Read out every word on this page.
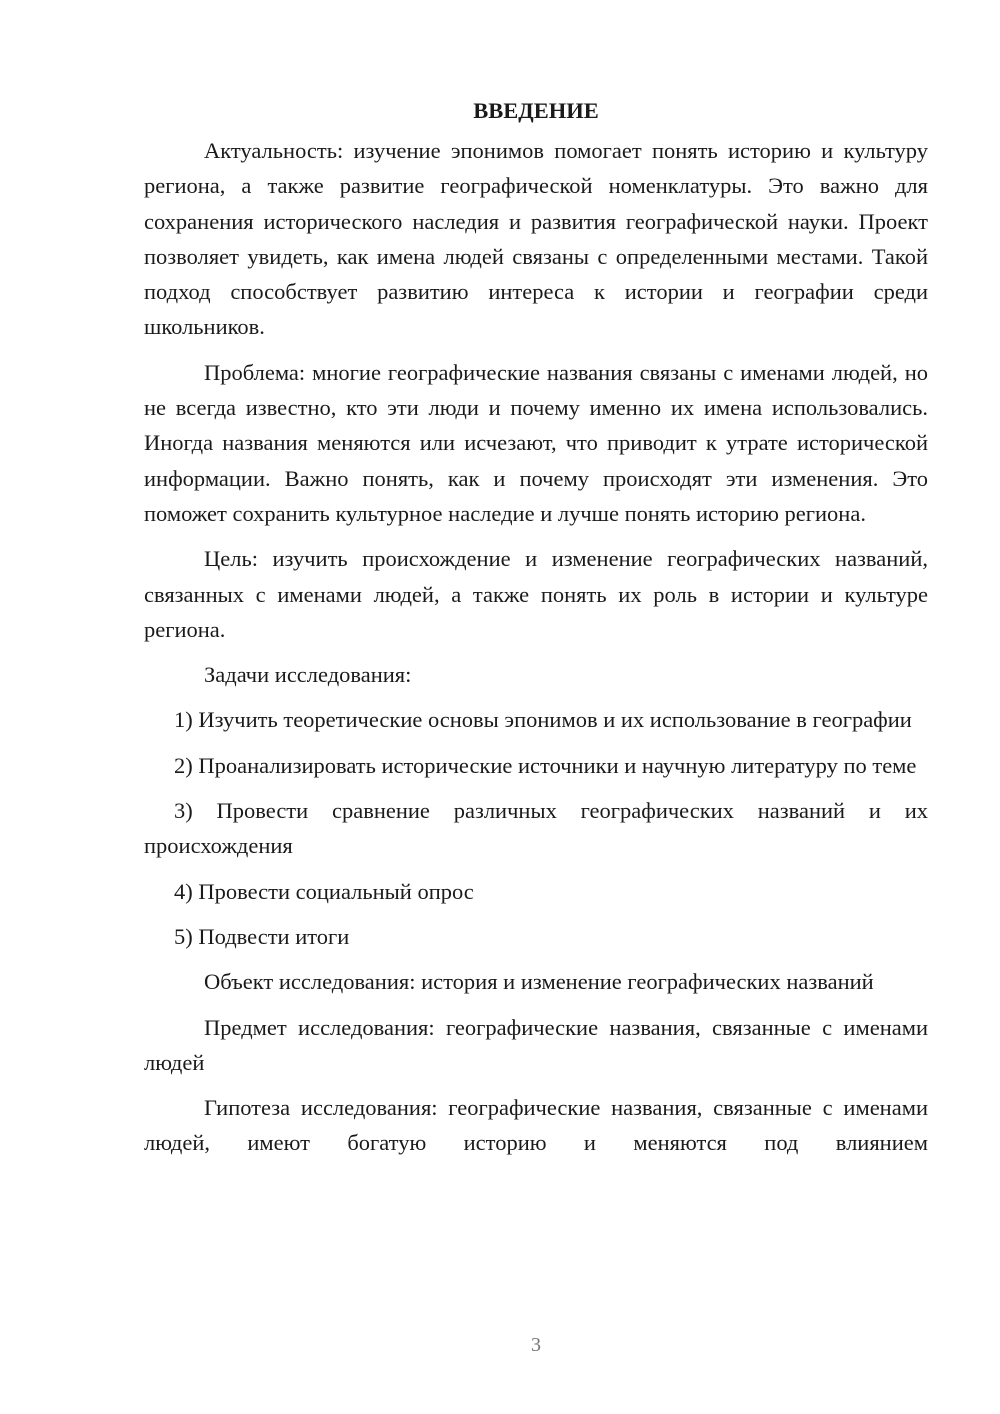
ВВЕДЕНИЕ

Актуальность: изучение эпонимов помогает понять историю и культуру региона, а также развитие географической номенклатуры. Это важно для сохранения исторического наследия и развития географической науки. Проект позволяет увидеть, как имена людей связаны с определенными местами. Такой подход способствует развитию интереса к истории и географии среди школьников.

Проблема: многие географические названия связаны с именами людей, но не всегда известно, кто эти люди и почему именно их имена использовались. Иногда названия меняются или исчезают, что приводит к утрате исторической информации. Важно понять, как и почему происходят эти изменения. Это поможет сохранить культурное наследие и лучше понять историю региона.

Цель: изучить происхождение и изменение географических названий, связанных с именами людей, а также понять их роль в истории и культуре региона.

Задачи исследования:

1) Изучить теоретические основы эпонимов и их использование в географии

2) Проанализировать исторические источники и научную литературу по теме

3) Провести сравнение различных географических названий и их происхождения

4) Провести социальный опрос

5) Подвести итоги

Объект исследования: история и изменение географических названий

Предмет исследования: географические названия, связанные с именами людей

Гипотеза исследования: географические названия, связанные с именами людей, имеют богатую историю и меняются под влиянием

3
